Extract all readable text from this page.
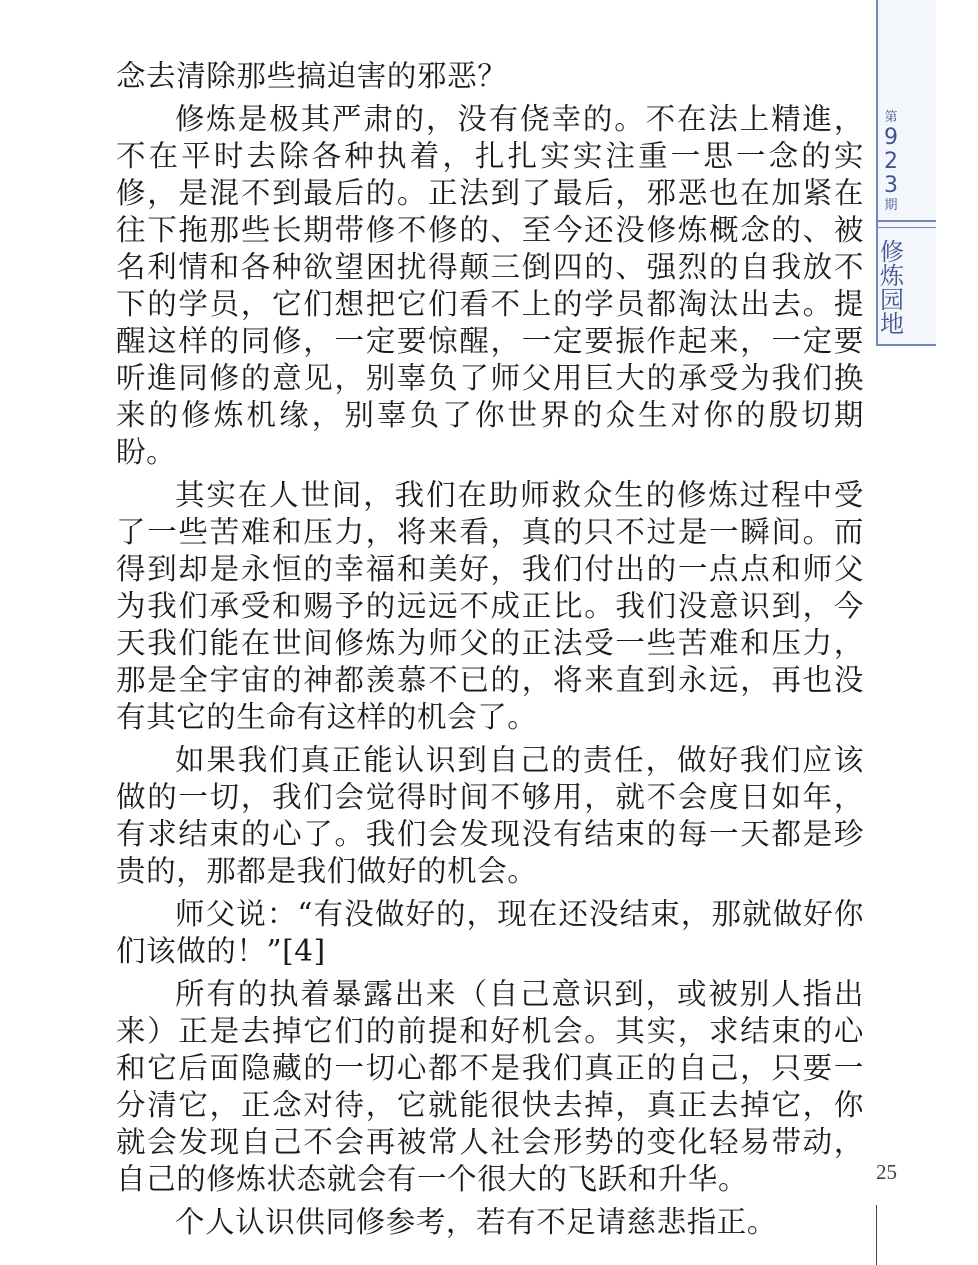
念去清除那些搞迫害的邪恶？

修炼是极其严肃的，没有侥幸的。不在法上精進，不在平时去除各种执着，扎扎实实注重一思一念的实修，是混不到最后的。正法到了最后，邪恶也在加紧在往下拖那些长期带修不修的、至今还没修炼概念的、被名利情和各种欲望困扰得颠三倒四的、强烈的自我放不下的学员，它们想把它们看不上的学员都淘汰出去。提醒这样的同修，一定要惊醒，一定要振作起来，一定要听進同修的意见，别辜负了师父用巨大的承受为我们换来的修炼机缘，别辜负了你世界的众生对你的殷切期盼。

其实在人世间，我们在助师救众生的修炼过程中受了一些苦难和压力，将来看，真的只不过是一瞬间。而得到却是永恒的幸福和美好，我们付出的一点点和师父为我们承受和赐予的远远不成正比。我们没意识到，今天我们能在世间修炼为师父的正法受一些苦难和压力，那是全宇宙的神都羡慕不已的，将来直到永远，再也没有其它的生命有这样的机会了。

如果我们真正能认识到自己的责任，做好我们应该做的一切，我们会觉得时间不够用，就不会度日如年，有求结束的心了。我们会发现没有结束的每一天都是珍贵的，那都是我们做好的机会。

师父说：“有没做好的，现在还没结束，那就做好你们该做的！”[4]

所有的执着暴露出来（自己意识到，或被别人指出来）正是去掉它们的前提和好机会。其实，求结束的心和它后面隐藏的一切心都不是我们真正的自己，只要一分清它，正念对待，它就能很快去掉，真正去掉它，你就会发现自己不会再被常人社会形势的变化轻易带动，自己的修炼状态就会有一个很大的飞跃和升华。

个人认识供同修参考，若有不足请慈悲指正。

第
9
2
3
期
修
炼
园
地
25
